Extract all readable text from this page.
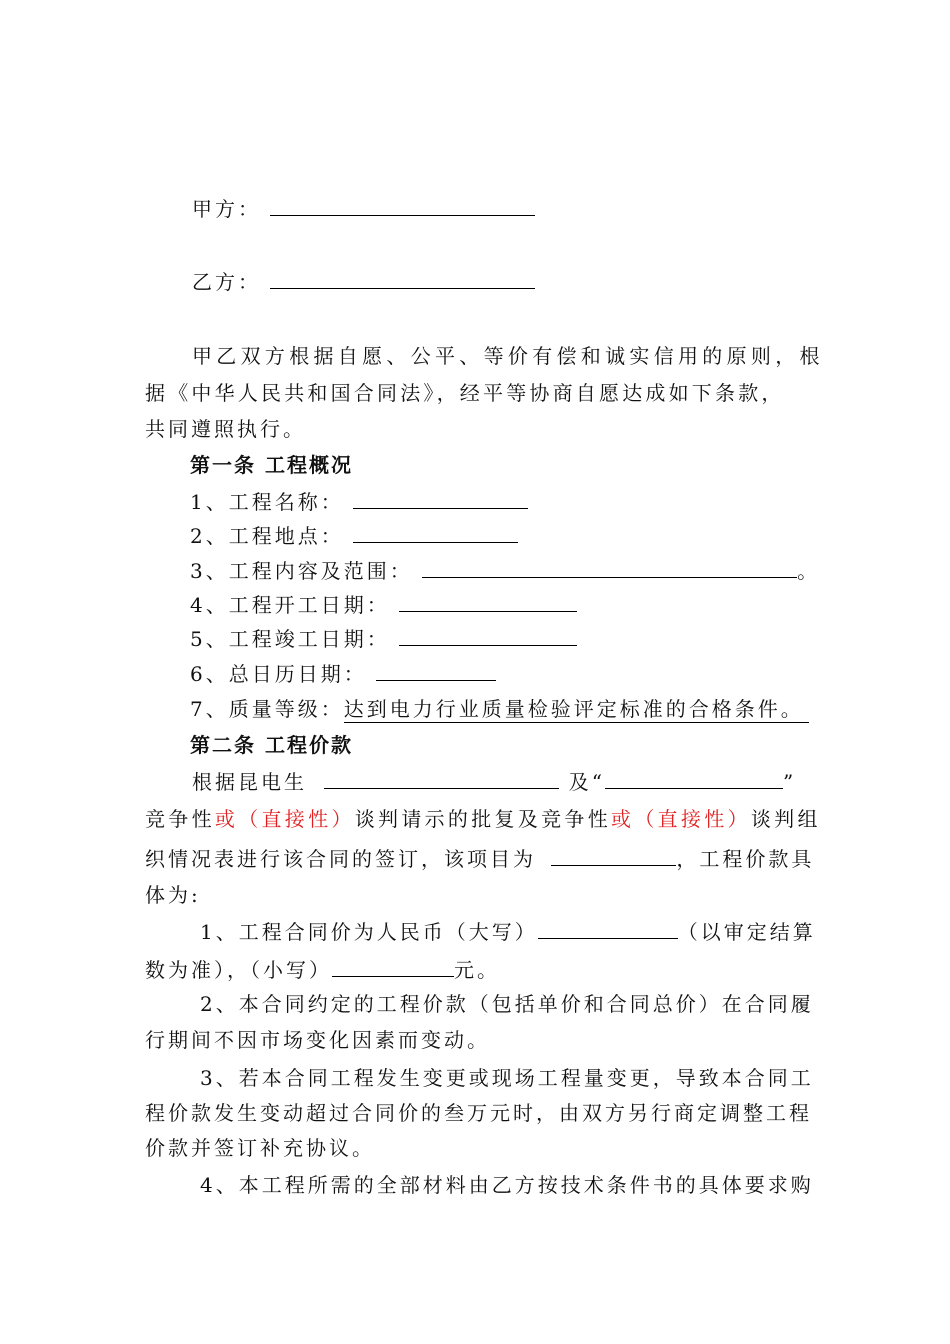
甲方：
乙方：
甲乙双方根据自愿、公平、等价有偿和诚实信用的原则，根
据《中华人民共和国合同法》，经平等协商自愿达成如下条款，
共同遵照执行。
第一条 工程概况
1、工程名称：
2、工程地点：
3、工程内容及范围：	。
4、工程开工日期：
5、工程竣工日期：
6、总日历日期：
7、质量等级：达到电力行业质量检验评定标准的合格条件。 
第二条 工程价款
根据昆电生	及“	”
竞争性或（直接性）谈判请示的批复及竞争性或（直接性）谈判组
织情况表进行该合同的签订，该项目为	，工程价款具
体为:
1、工程合同价为人民币（大写）	（以审定结算
数为准），（小写）	元。
2、本合同约定的工程价款（包括单价和合同总价）在合同履
行期间不因市场变化因素而变动。
3、若本合同工程发生变更或现场工程量变更，导致本合同工
程价款发生变动超过合同价的叁万元时，由双方另行商定调整工程
价款并签订补充协议。
4、本工程所需的全部材料由乙方按技术条件书的具体要求购
